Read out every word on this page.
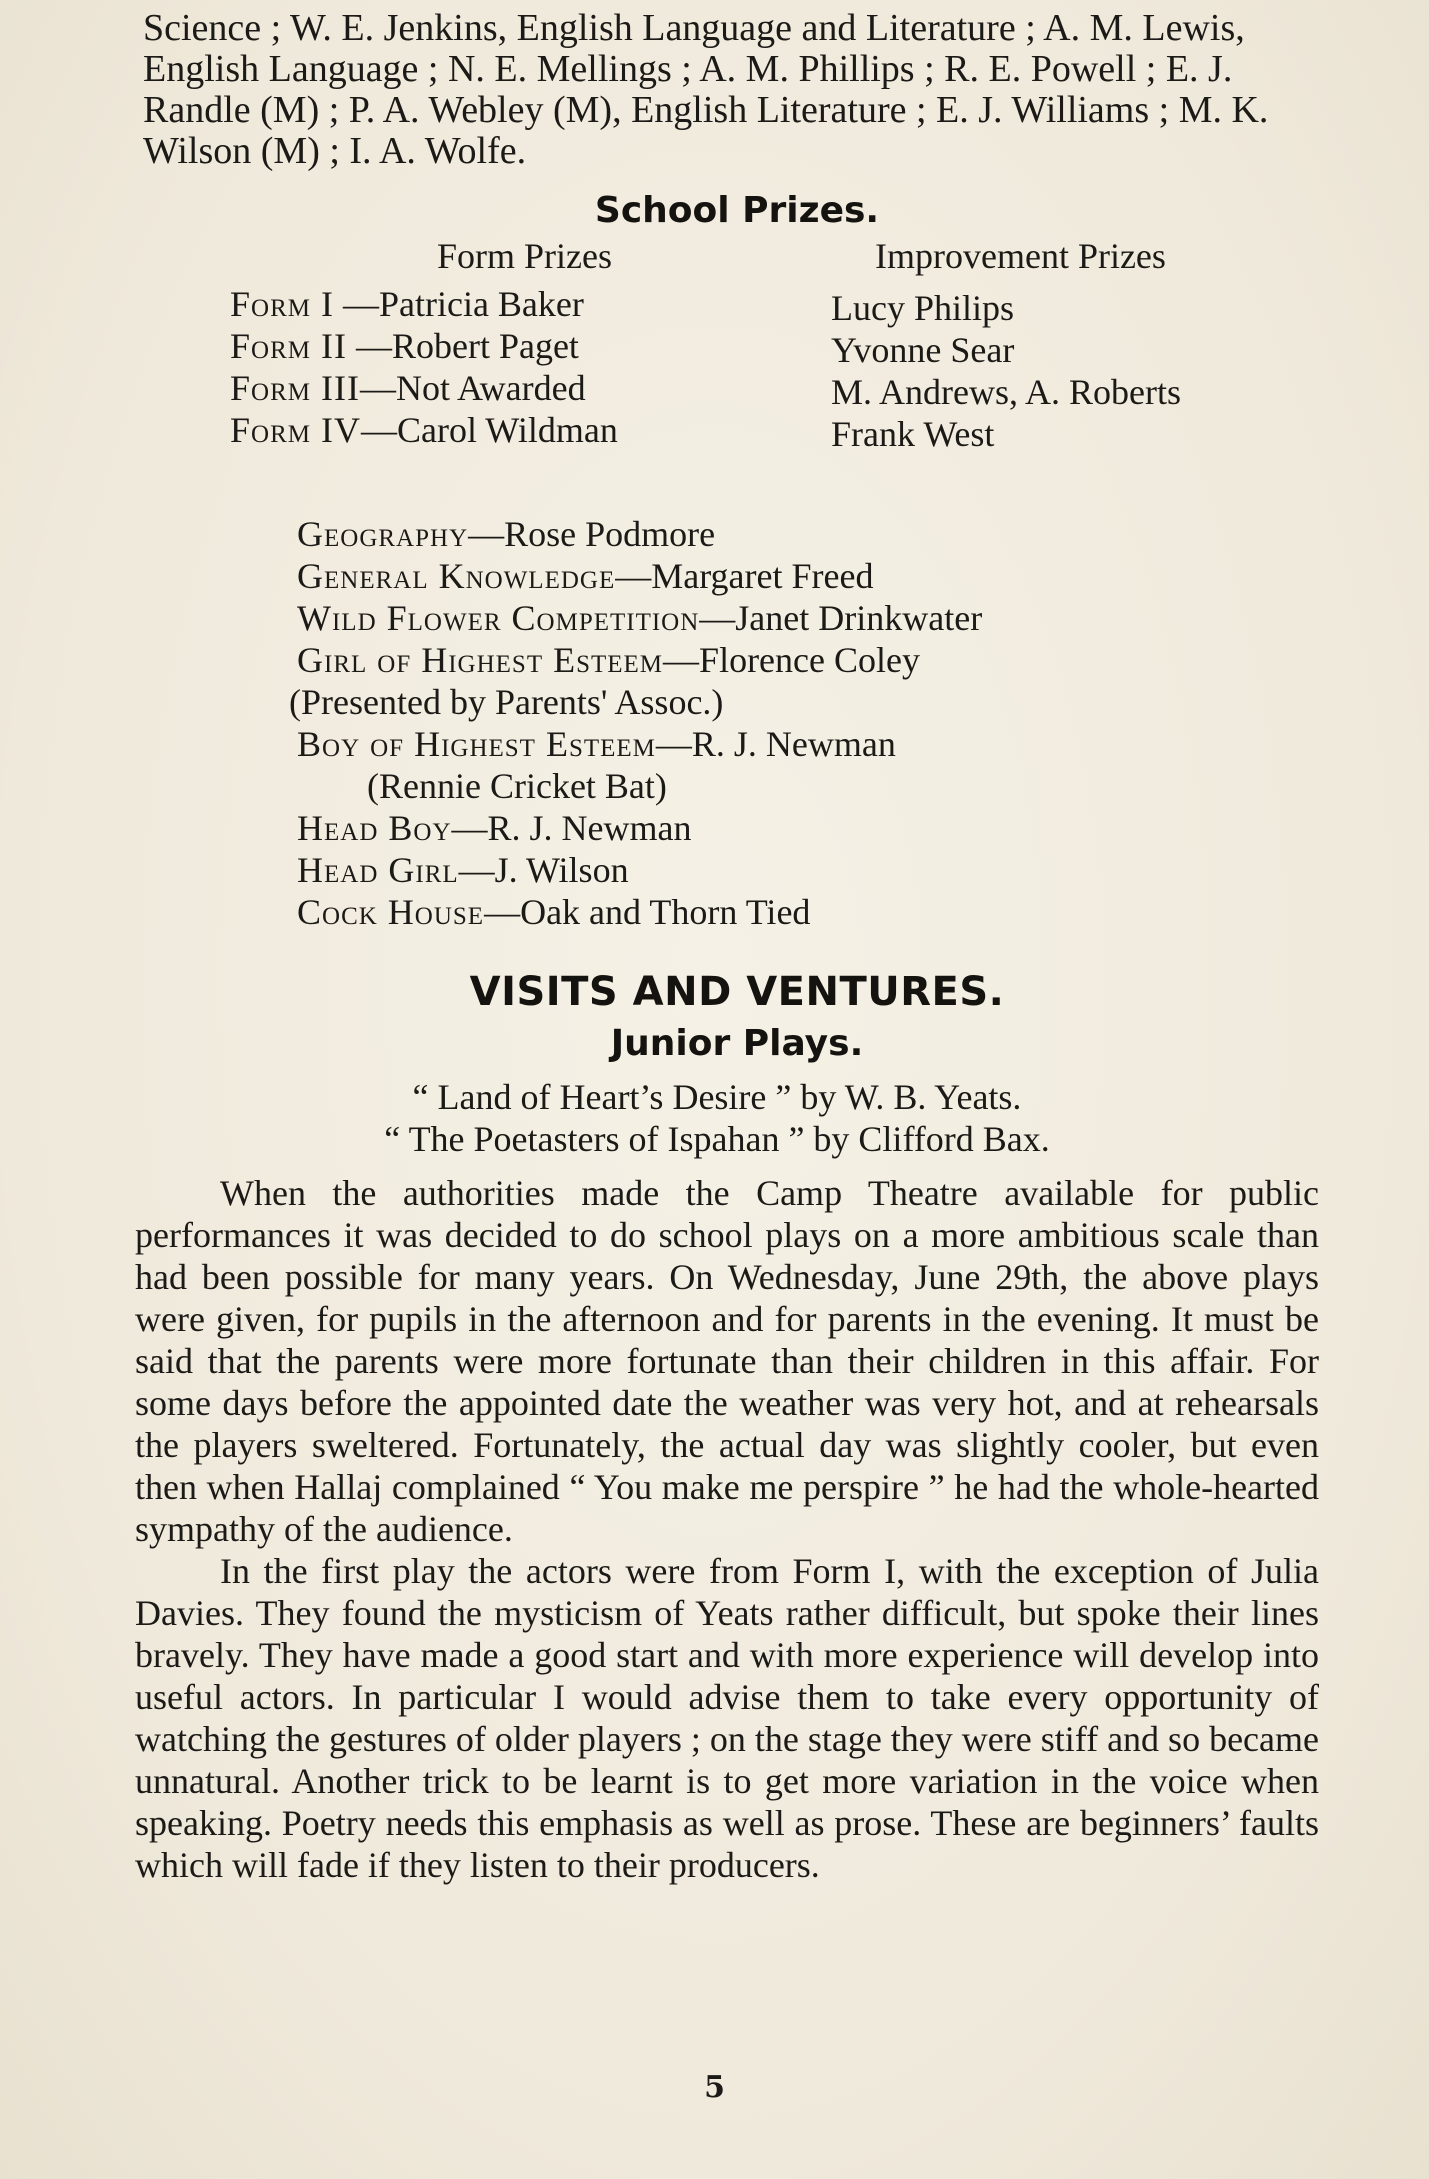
Science ; W. E. Jenkins, English Language and Literature ; A. M. Lewis, English Language ; N. E. Mellings ; A. M. Phillips ; R. E. Powell ; E. J. Randle (M) ; P. A. Webley (M), English Literature ; E. J. Williams ; M. K. Wilson (M) ; I. A. Wolfe.
School Prizes.
Form Prizes	Improvement Prizes
Form I —Patricia Baker
Form II —Robert Paget
Form III—Not Awarded
Form IV—Carol Wildman
Lucy Philips
Yvonne Sear
M. Andrews, A. Roberts
Frank West
Geography—Rose Podmore
General Knowledge—Margaret Freed
Wild Flower Competition—Janet Drinkwater
Girl of Highest Esteem—Florence Coley
(Presented by Parents' Assoc.)
Boy of Highest Esteem—R. J. Newman
(Rennie Cricket Bat)
Head Boy—R. J. Newman
Head Girl—J. Wilson
Cock House—Oak and Thorn Tied
VISITS AND VENTURES.
Junior Plays.
“ Land of Heart’s Desire ” by W. B. Yeats.
“ The Poetasters of Ispahan ” by Clifford Bax.

When the authorities made the Camp Theatre available for public performances it was decided to do school plays on a more ambitious scale than had been possible for many years. On Wednesday, June 29th, the above plays were given, for pupils in the afternoon and for parents in the evening. It must be said that the parents were more fortunate than their children in this affair. For some days before the appointed date the weather was very hot, and at rehearsals the players sweltered. Fortunately, the actual day was slightly cooler, but even then when Hallaj complained “ You make me perspire ” he had the whole-hearted sympathy of the audience.

In the first play the actors were from Form I, with the exception of Julia Davies. They found the mysticism of Yeats rather difficult, but spoke their lines bravely. They have made a good start and with more experience will develop into useful actors. In particular I would advise them to take every opportunity of watching the gestures of older players ; on the stage they were stiff and so became unnatural. Another trick to be learnt is to get more variation in the voice when speaking. Poetry needs this emphasis as well as prose. These are beginners’ faults which will fade if they listen to their producers.

5
